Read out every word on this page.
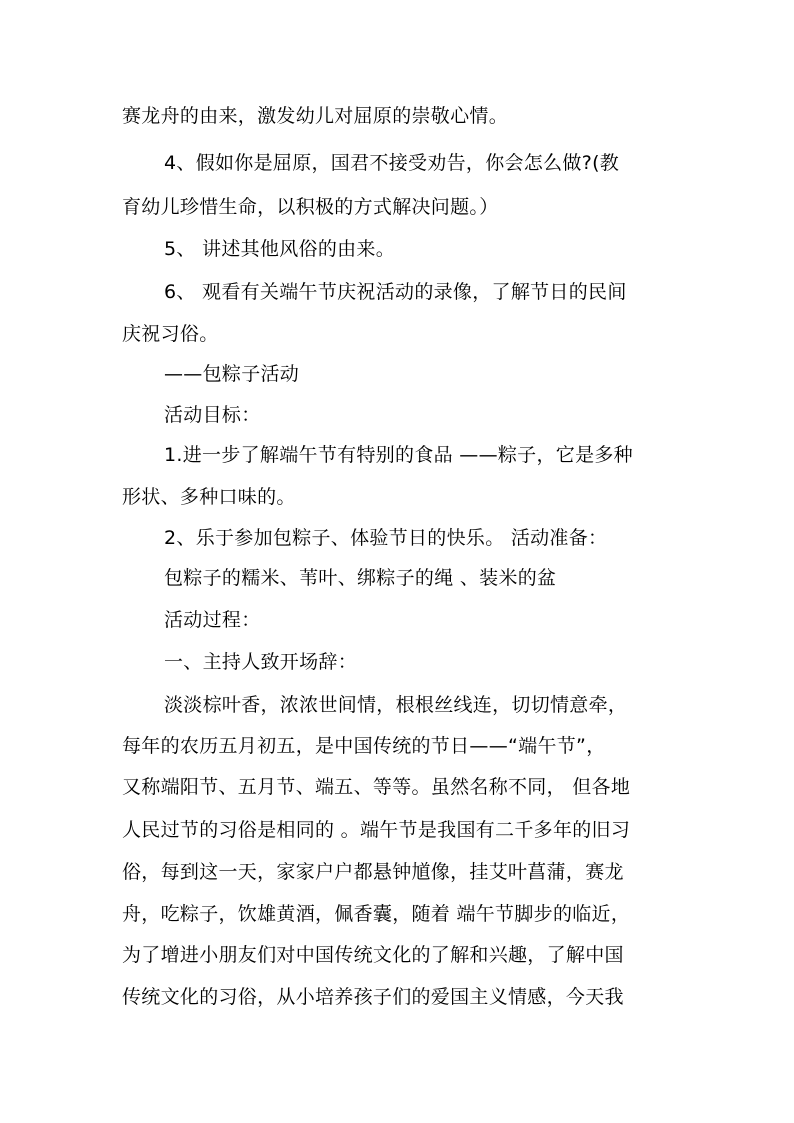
赛龙舟的由来，激发幼儿对屈原的崇敬心情。
4、假如你是屈原，国君不接受劝告，你会怎么做?(教
育幼儿珍惜生命，以积极的方式解决问题。）
5、 讲述其他风俗的由来。
6、 观看有关端午节庆祝活动的录像，了解节日的民间
庆祝习俗。
——包粽子活动
活动目标：
1.进一步了解端午节有特别的食品 ——粽子，它是多种
形状、多种口味的。
2、乐于参加包粽子、体验节日的快乐。 活动准备：
包粽子的糯米、苇叶、绑粽子的绳 、装米的盆
活动过程：
一、主持人致开场辞：
淡淡棕叶香，浓浓世间情，根根丝线连，切切情意牵，
每年的农历五月初五，是中国传统的节日——“端午节”，
又称端阳节、五月节、端五、等等。虽然名称不同， 但各地
人民过节的习俗是相同的 。端午节是我国有二千多年的旧习
俗，每到这一天，家家户户都悬钟馗像，挂艾叶菖蒲，赛龙
舟，吃粽子，饮雄黄酒，佩香囊，随着 端午节脚步的临近，
为了增进小朋友们对中国传统文化的了解和兴趣，了解中国
传统文化的习俗，从小培养孩子们的爱国主义情感，今天我
